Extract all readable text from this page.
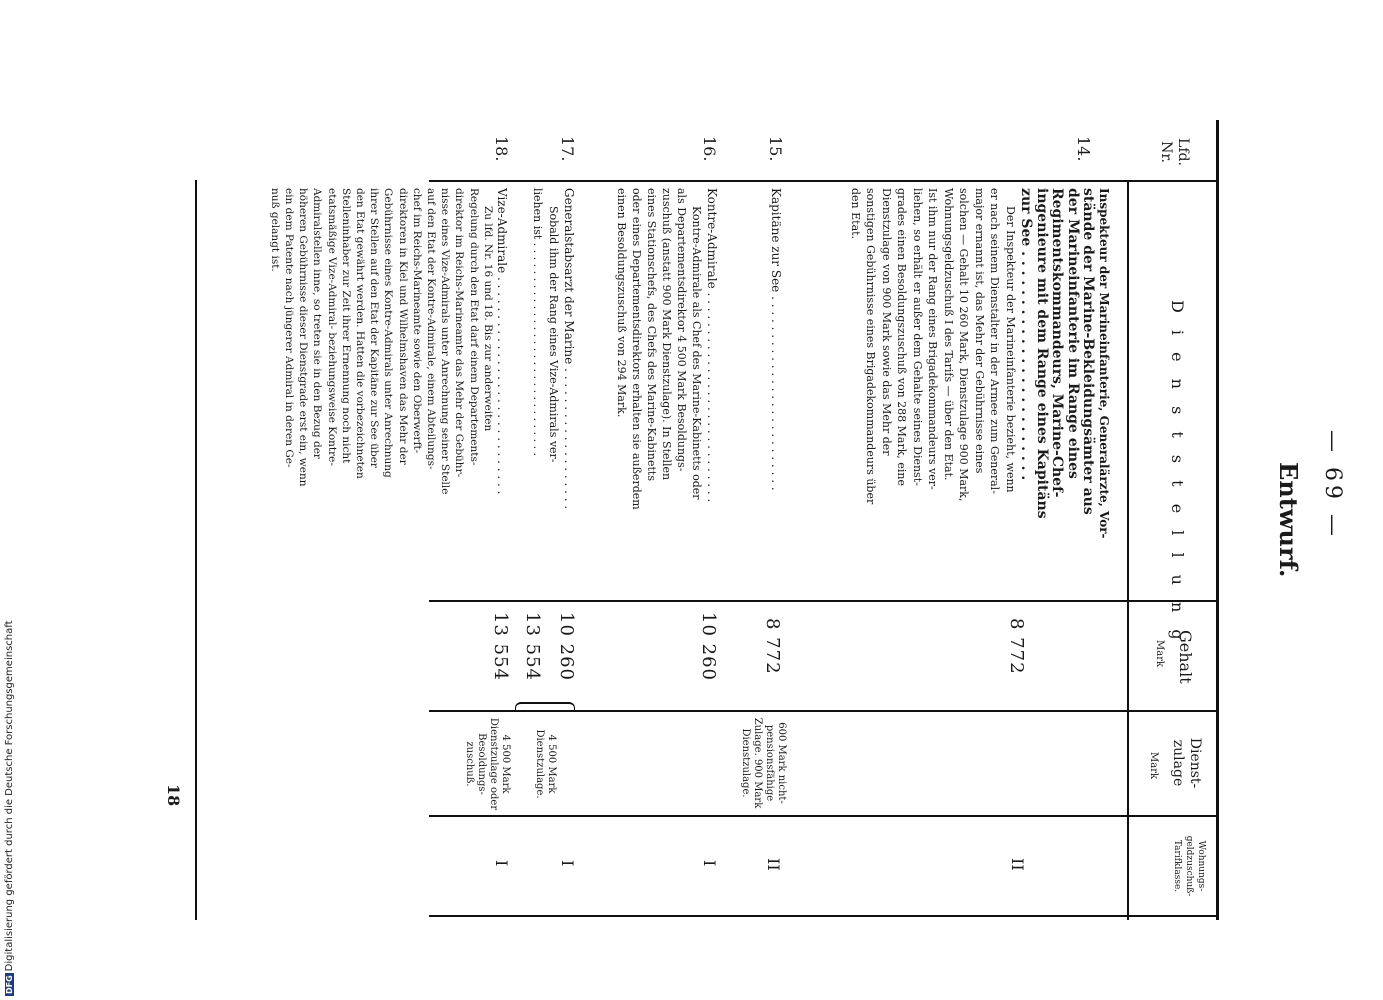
— 69 —
Entwurf.
Lfd. Nr.
D i e n s t s t e l l u n g
Gehalt
Mark
Dienst-zulage
Mark
Wohnungs-geldzuschuß-Tarifklasse.
14.
Inspekteur der Marineinfanterie, Generalärzte, Vor-
stände der Marine-Bekleidungsämter aus
der Marineinfanterie im Range eines
Regimentskommandeurs, Marine-Chef-
ingenieure mit dem Range eines Kapitäns
zur See . . . . . . . . . . . . . . . . . . . . . . . .
Der Inspekteur der Marineinfanterie bezieht, wenn
er nach seinem Dienstalter in der Armee zum General-
major ernannt ist, das Mehr der Gebührnisse eines
solchen — Gehalt 10 260 Mark, Dienstzulage 900 Mark,
Wohnungsgeldzuschuß I des Tarifs — über den Etat.
Ist ihm nur der Rang eines Brigadekommandeurs ver-
liehen, so erhält er außer dem Gehalte seines Dienst-
grades einen Besoldungszuschuß von 288 Mark, eine
Dienstzulage von 900 Mark sowie das Mehr der
sonstigen Gebührnisse eines Brigadekommandeurs über
den Etat.
8 772
II
15.
Kapitäne zur See . . . . . . . . . . . . . . . . . . . . . . . . . .
8 772
600 Mark nicht-pensionsfähige Zulage. 900 Mark Dienstzulage.
II
16.
Kontre-Admirale . . . . . . . . . . . . . . . . . . . . . . . . . . . .
Kontre-Admirale als Chef des Marine-Kabinetts oder
als Departementsdirektor 4 500 Mark Besoldungs-
zuschuß (anstatt 900 Mark Dienstzulage). In Stellen
eines Stationschefs, des Chefs des Marine-Kabinetts
oder eines Departementsdirektors erhalten sie außerdem
einen Besoldungszuschuß von 294 Mark.
10 260
I
17.
Generalstabsarzt der Marine . . . . . . . . . . . . . . . . . . .
Sobald ihm der Rang eines Vize-Admirals ver-
liehen ist . . . . . . . . . . . . . . . . . . . . . . . . . . . . . . .
10 260
13 554
4 500 Mark Dienstzulage.
I
18.
Vize-Admirale . . . . . . . . . . . . . . . . . . . . . . . . . . . . .
Zu lfd. Nr. 16 und 18. Bis zur anderweiten
Regelung durch den Etat darf einem Departements-
direktor im Reichs-Marineamte das Mehr der Gebühr-
nisse eines Vize-Admirals unter Anrechnung seiner Stelle
auf den Etat der Kontre-Admirale, einem Abteilungs-
chef im Reichs-Marineamte sowie den Oberwerft-
direktoren in Kiel und Wilhelmshaven das Mehr der
Gebührnisse eines Kontre-Admirals unter Anrechnung
ihrer Stellen auf den Etat der Kapitäne zur See über
den Etat gewährt werden. Hatten die vorbezeichneten
Stelleninhaber zur Zeit ihrer Ernennung noch nicht
etatsmäßige Vize-Admiral- beziehungsweise Kontre-
Admiralstellen inne, so treten sie in den Bezug der
höheren Gebührnisse dieser Dienstgrade erst ein, wenn
ein dem Patente nach jüngerer Admiral in deren Ge-
nuß gelangt ist.
13 554
4 500 Mark Dienstzulage oder Besoldungs-zuschuß.
I
18
DFGDigitalisierung gefördert durch die Deutsche Forschungsgemeinschaft
